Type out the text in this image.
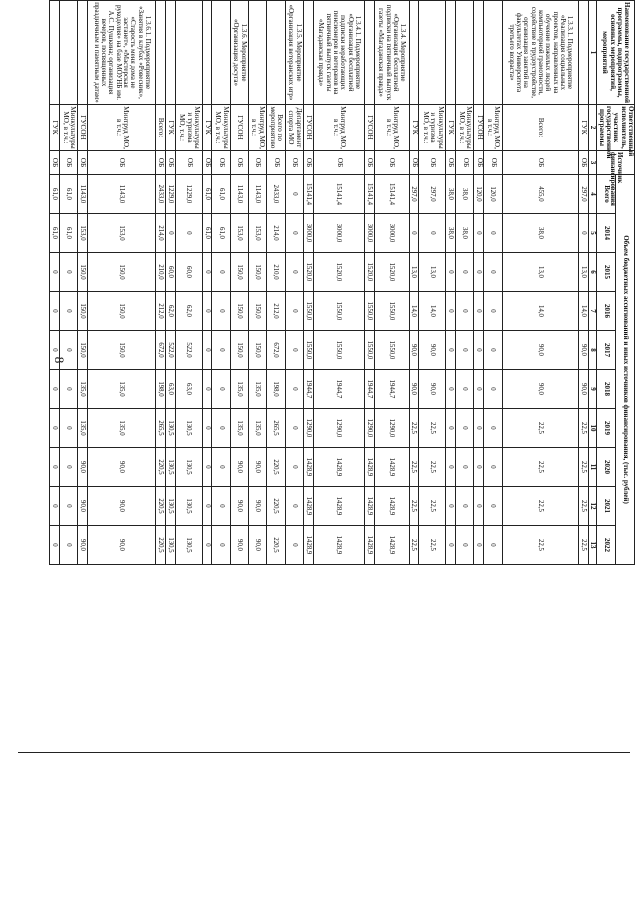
8
Наименование государственной программы, подпрограммы, основных мероприятий, мероприятий	Ответственный исполнитель, участник государственной программы	Источник финансирования	Объем бюджетных ассигнований и иных источников финансирования, (тыс. рублей)									
			Всего	2014	2015	2016	2017	2018	2019	2020	2021	2022
1	2	3	4	5	6	7	8	9	10	11	12	13
	ГУК	ОБ	297,0	0	13,0	14,0	90,0	90,0	22,5	22,5	22,5	22,5
1.3.3.1. Подмероприятие «Реализация социальных проектов, направленных на обучение пожилых людей компьютерной грамотности, содействие в трудоустройстве, организация занятий на факультетах Университета третьего возраста»	Всего:	ОБ	455,0	38,0	13,0	14,0	90,0	90,0	22,5	22,5	22,5	22,5
	Минтруд МО, в т.ч.:	ОБ	120,0	0	0	0	0	0	0	0	0	0
	ГУСОН	ОБ	120,0	0	0	0	0	0	0	0	0	0
	Минкультуры МО, в т.ч.:	ОБ	38,0	38,0	0	0	0	0	0	0	0	0
	ГУК	ОБ	38,0	38,0	0	0	0	0	0	0	0	0
	Минкультуры и туризма МО, в т.ч.:	ОБ	297,0	0	13,0	14,0	90,0	90,0	22,5	22,5	22,5	22,5
	ГУК	ОБ	297,0	0	13,0	14,0	90,0	90,0	22,5	22,5	22,5	22,5
1.3.4. Мероприятие «Организация бесплатной подписки на пятничный выпуск газеты «Магаданская правда»	Минтруд МО, в т.ч.:	ОБ	15141,4	3000,0	1520,0	1550,0	1550,0	1944,7	1290,0	1428,9	1428,9	1428,9
	ГУСОН	ОБ	15141,4	3000,0	1520,0	1550,0	1550,0	1944,7	1290,0	1428,9	1428,9	1428,9
1.3.4.1. Подмероприятие «Организация бесплатной подписки неработающих пенсионеров и ветеранов на пятничный выпуск газеты «Магаданская правда»	Минтруд МО, в т.ч.:	ОБ	15141,4	3000,0	1520,0	1550,0	1550,0	1944,7	1290,0	1428,9	1428,9	1428,9
	ГУСОН	ОБ	15141,4	3000,0	1520,0	1550,0	1550,0	1944,7	1290,0	1428,9	1428,9	1428,9
1.3.5. Мероприятие «Организация ветеранских игр»	Департамент спорта МО	ОБ	0	0	0	0	0	0	0	0	0	0
	Всего по мероприятию	ОБ	2433,0	214,0	210,0	212,0	672,0	198,0	265,5	220,5	220,5	220,5
	Минтруд МО, в т.ч.:	ОБ	1143,0	153,0	150,0	150,0	150,0	135,0	135,0	90,0	90,0	90,0
1.3.6. Мероприятие «Организация досуга»	ГУСОН	ОБ	1143,0	153,0	150,0	150,0	150,0	135,0	135,0	90,0	90,0	90,0
	Минкультуры МО, в т.ч.:	ОБ	61,0	61,0	0	0	0	0	0	0	0	0
	ГУК	ОБ	61,0	61,0	0	0	0	0	0	0	0	0
	Минкультуры и туризма МО, т.ч.:	ОБ	1229,0	0	60,0	62,0	522,0	63,0	130,5	130,5	130,5	130,5
	ГУК	ОБ	1229,0	0	60,0	62,0	522,0	63,0	130,5	130,5	130,5	130,5
	Всего:	ОБ	2433,0	214,0	210,0	212,0	672,0	198,0	265,5	220,5	220,5	220,5
1.3.6.1. Подмероприятие «Занятия в клубах «Ровесник», «Старость меня дома не застанет», «Мастерская рукоделия» на базе МОУНБ им. А.С. Пушкина; организация вечеров, посвященных праздничным и памятным датам»	Минтруд МО, в т.ч.:	ОБ	1143,0	153,0	150,0	150,0	150,0	135,0	135,0	90,0	90,0	90,0
	ГУСОН	ОБ	1143,0	153,0	150,0	150,0	150,0	135,0	135,0	90,0	90,0	90,0
	Минкультуры МО, в т.ч.:	ОБ	61,0	61,0	0	0	0	0	0	0	0	0
	ГУК	ОБ	61,0	61,0	0	0	0	0	0	0	0	0
